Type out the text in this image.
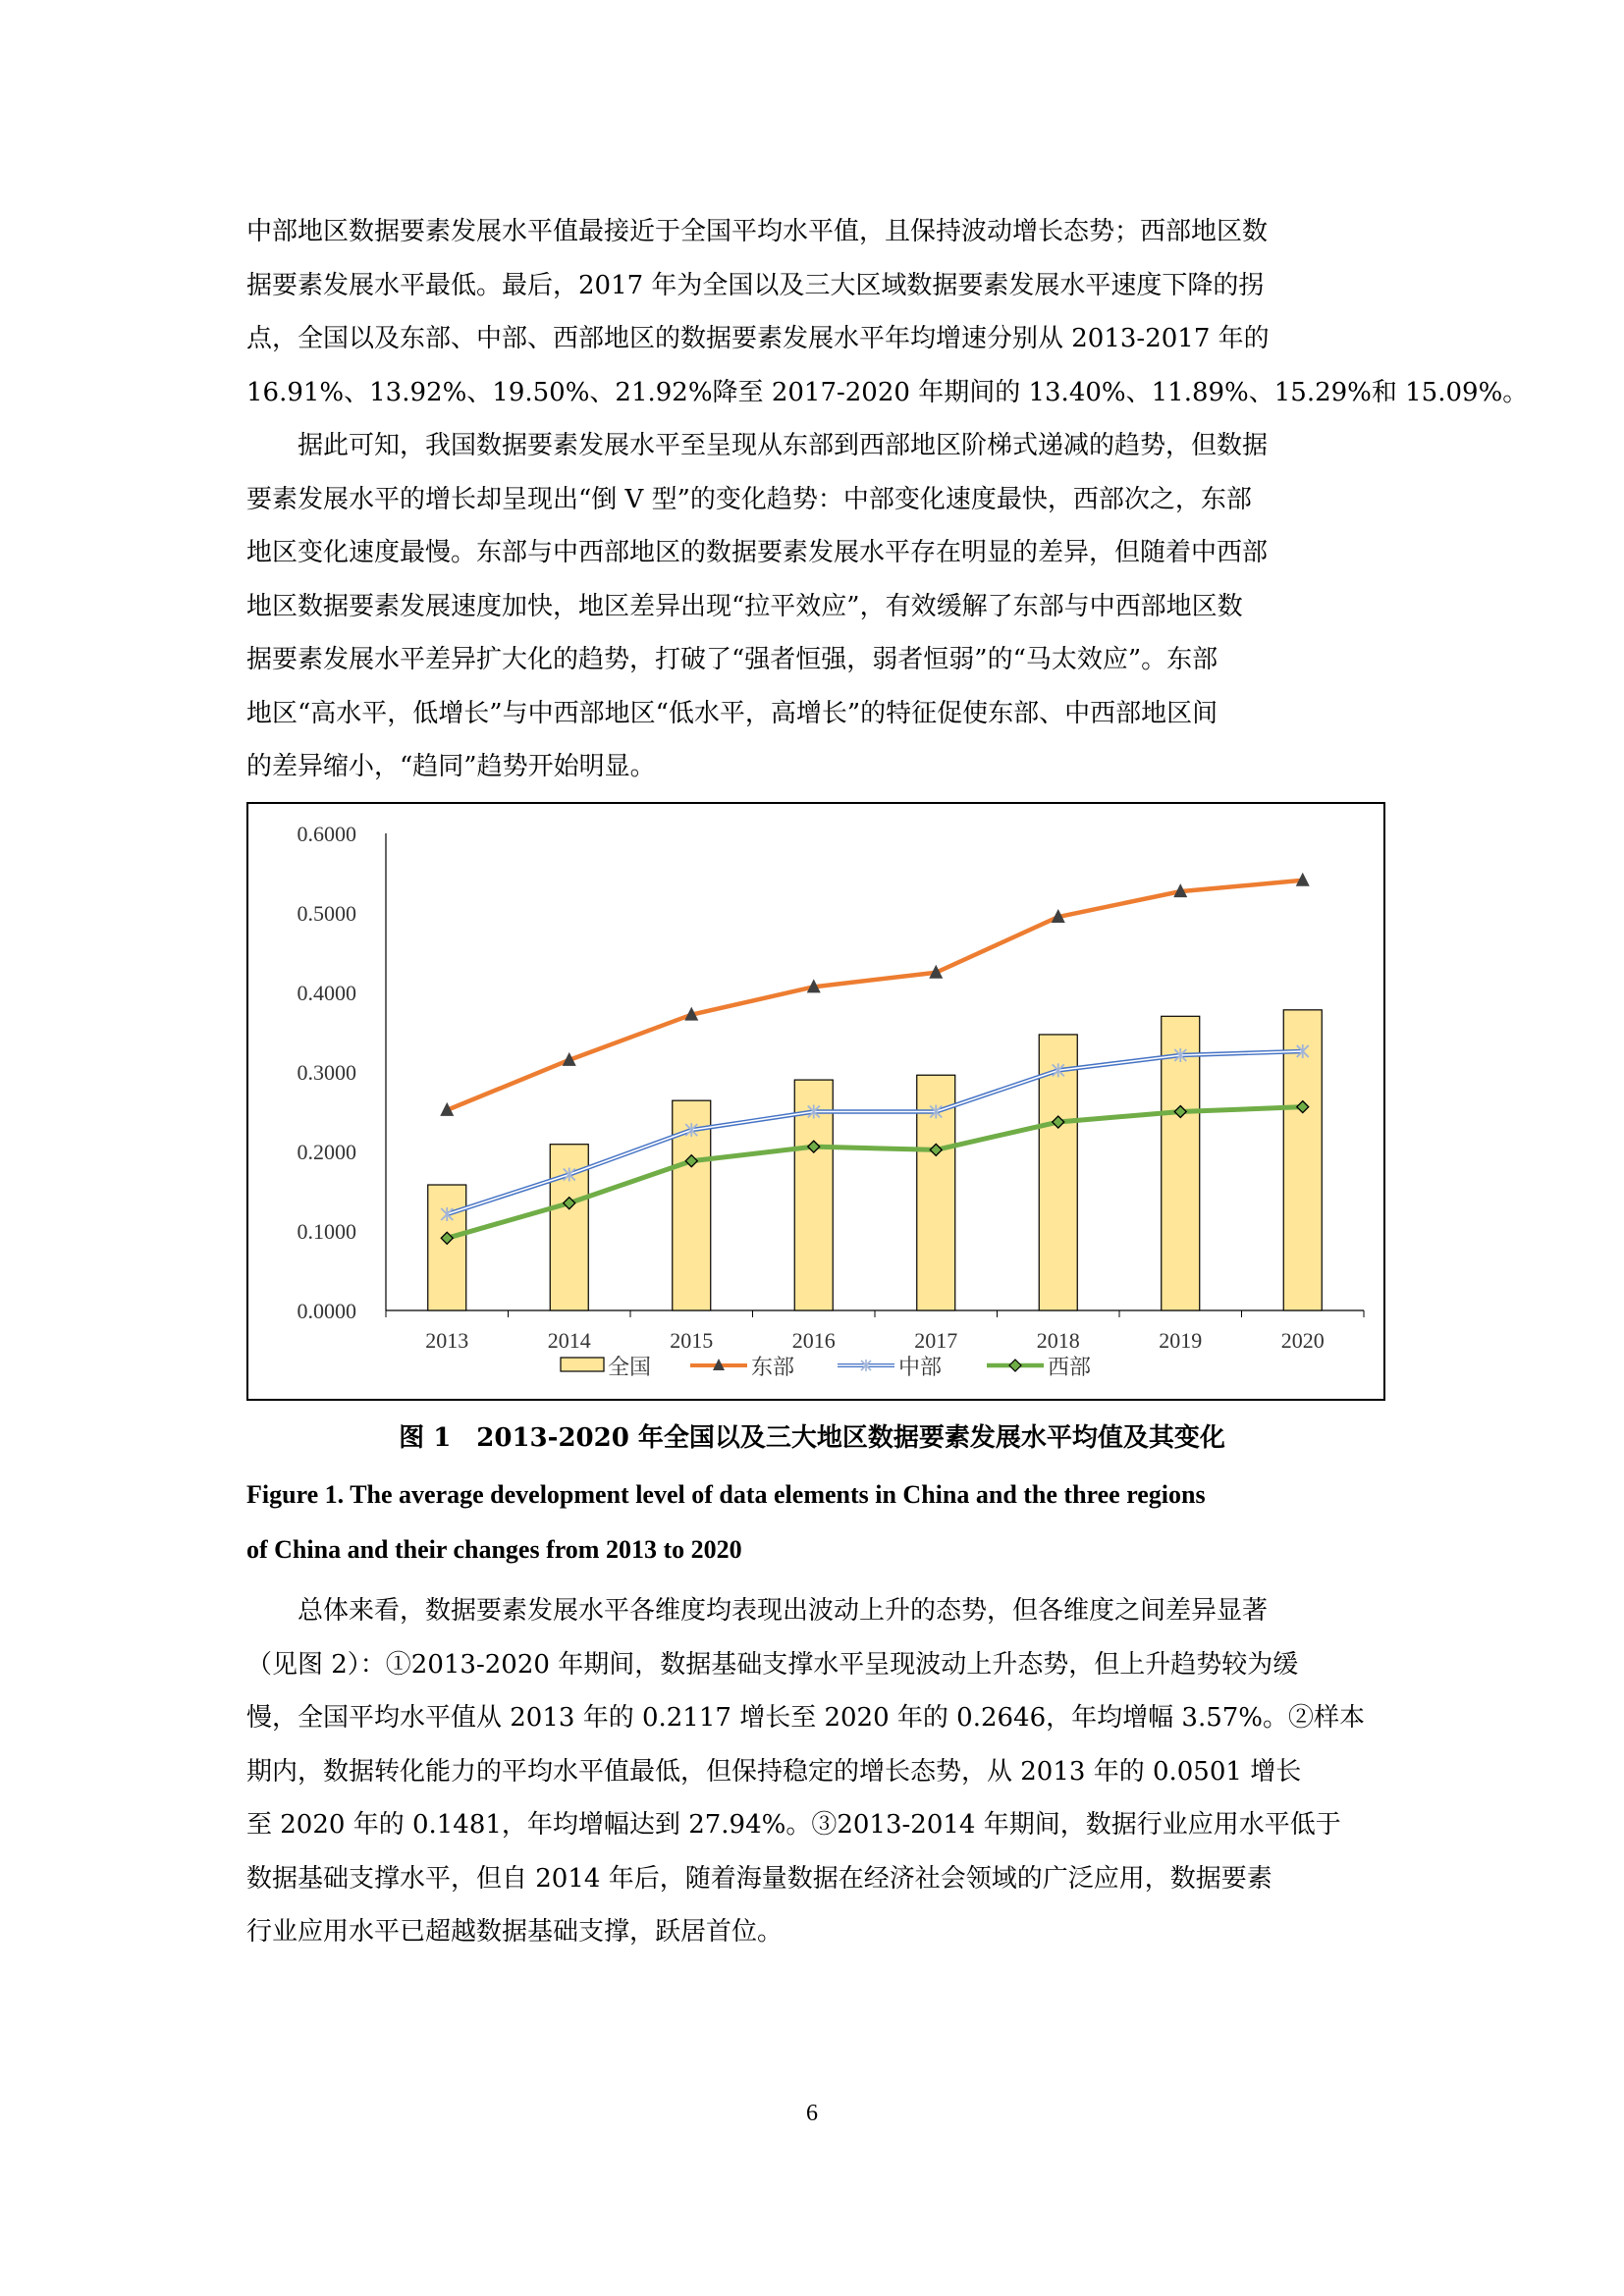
中部地区数据要素发展水平值最接近于全国平均水平值，且保持波动增长态势；西部地区数
据要素发展水平最低。最后，2017 年为全国以及三大区域数据要素发展水平速度下降的拐
点，全国以及东部、中部、西部地区的数据要素发展水平年均增速分别从 2013-2017 年的
16.91%、13.92%、19.50%、21.92%降至 2017-2020 年期间的 13.40%、11.89%、15.29%和 15.09%。
据此可知，我国数据要素发展水平至呈现从东部到西部地区阶梯式递减的趋势，但数据
要素发展水平的增长却呈现出“倒 V 型”的变化趋势：中部变化速度最快，西部次之，东部
地区变化速度最慢。东部与中西部地区的数据要素发展水平存在明显的差异，但随着中西部
地区数据要素发展速度加快，地区差异出现“拉平效应”，有效缓解了东部与中西部地区数
据要素发展水平差异扩大化的趋势，打破了“强者恒强，弱者恒弱”的“马太效应”。东部
地区“高水平，低增长”与中西部地区“低水平，高增长”的特征促使东部、中西部地区间
的差异缩小，“趋同”趋势开始明显。
0.0000
0.1000
0.2000
0.3000
0.4000
0.5000
0.6000
2013	2014	2015	2016	2017	2018	2019	2020
全国	东部	中部	西部
图 1　2013-2020 年全国以及三大地区数据要素发展水平均值及其变化
Figure 1. The average development level of data elements in China and the three regions
of China and their changes from 2013 to 2020
总体来看，数据要素发展水平各维度均表现出波动上升的态势，但各维度之间差异显著
（见图 2）：①2013-2020 年期间，数据基础支撑水平呈现波动上升态势，但上升趋势较为缓
慢，全国平均水平值从 2013 年的 0.2117 增长至 2020 年的 0.2646，年均增幅 3.57%。②样本
期内，数据转化能力的平均水平值最低，但保持稳定的增长态势，从 2013 年的 0.0501 增长
至 2020 年的 0.1481，年均增幅达到 27.94%。③2013-2014 年期间，数据行业应用水平低于
数据基础支撑水平，但自 2014 年后，随着海量数据在经济社会领域的广泛应用，数据要素
行业应用水平已超越数据基础支撑，跃居首位。
6
